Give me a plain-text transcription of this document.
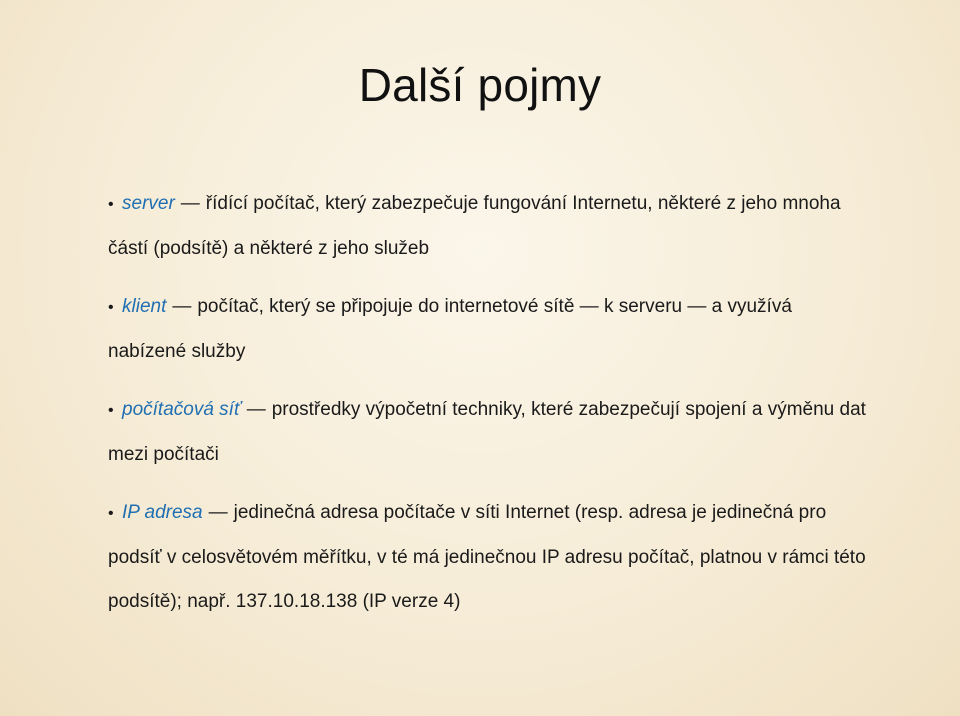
Další pojmy
• server — řídící počítač, který zabezpečuje fungování Internetu, některé z jeho mnoha částí (podsítě) a některé z jeho služeb
• klient — počítač, který se připojuje do internetové sítě — k serveru — a využívá nabízené služby
• počítačová síť — prostředky výpočetní techniky, které zabezpečují spojení a výměnu dat mezi počítači
• IP adresa — jedinečná adresa počítače v síti Internet (resp. adresa je jedinečná pro podsíť v celosvětovém měřítku, v té má jedinečnou IP adresu počítač, platnou v rámci této podsítě); např. 137.10.18.138 (IP verze 4)
